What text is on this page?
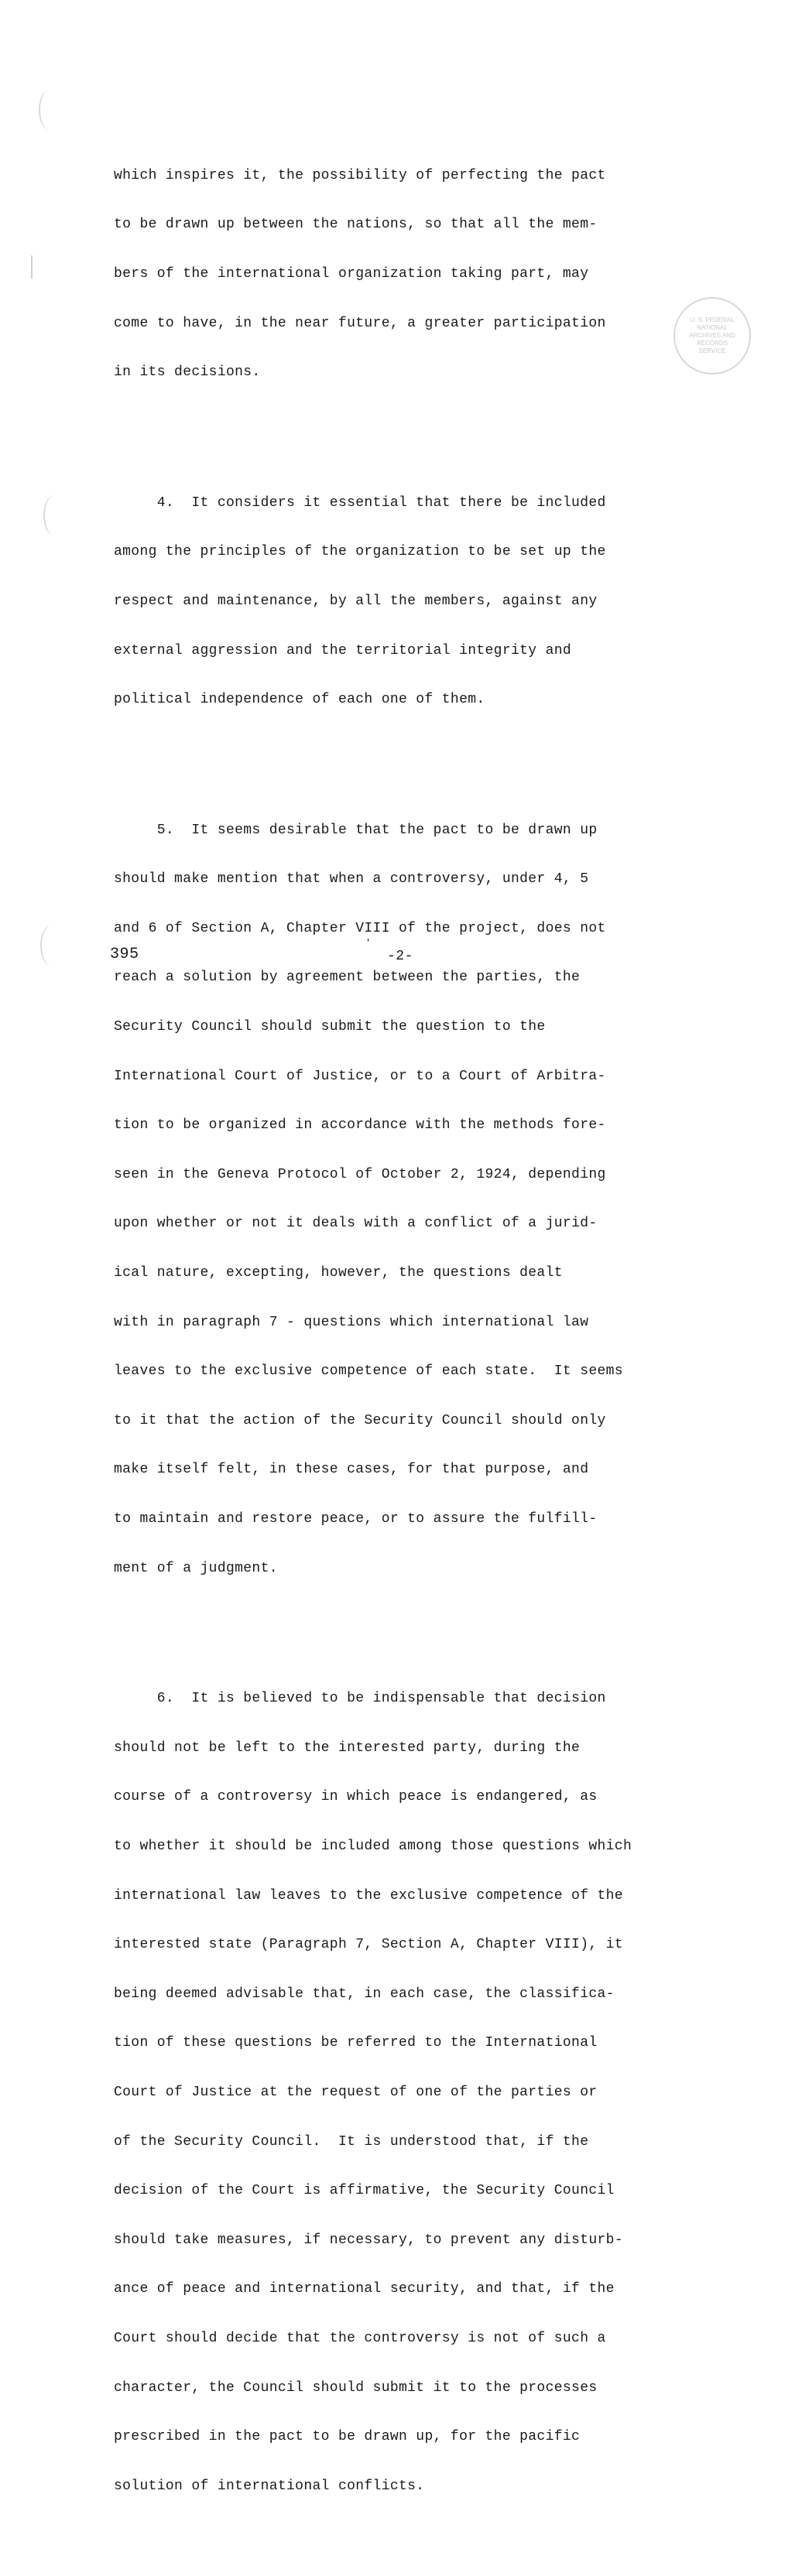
which inspires it, the possibility of perfecting the pact

to be drawn up between the nations, so that all the mem-

bers of the international organization taking part, may

come to have, in the near future, a greater participation

in its decisions.

4.  It considers it essential that there be included

among the principles of the organization to be set up the

respect and maintenance, by all the members, against any

external aggression and the territorial integrity and

political independence of each one of them.

5.  It seems desirable that the pact to be drawn up

should make mention that when a controversy, under 4, 5

and 6 of Section A, Chapter VIII of the project, does not

reach a solution by agreement between the parties, the

Security Council should submit the question to the

International Court of Justice, or to a Court of Arbitra-

tion to be organized in accordance with the methods fore-

seen in the Geneva Protocol of October 2, 1924, depending

upon whether or not it deals with a conflict of a jurid-

ical nature, excepting, however, the questions dealt

with in paragraph 7 - questions which international law

leaves to the exclusive competence of each state.  It seems

to it that the action of the Security Council should only

make itself felt, in these cases, for that purpose, and

to maintain and restore peace, or to assure the fulfill-

ment of a judgment.

6.  It is believed to be indispensable that decision

should not be left to the interested party, during the

course of a controversy in which peace is endangered, as

to whether it should be included among those questions which

international law leaves to the exclusive competence of the

interested state (Paragraph 7, Section A, Chapter VIII), it

being deemed advisable that, in each case, the classifica-

tion of these questions be referred to the International

Court of Justice at the request of one of the parties or

of the Security Council.  It is understood that, if the

decision of the Court is affirmative, the Security Council

should take measures, if necessary, to prevent any disturb-

ance of peace and international security, and that, if the

Court should decide that the controversy is not of such a

character, the Council should submit it to the processes

prescribed in the pact to be drawn up, for the pacific

solution of international conflicts.

U. S. FEDERAL
NATIONAL
ARCHIVES AND
RECORDS
SERVICE
395
'
-2-
